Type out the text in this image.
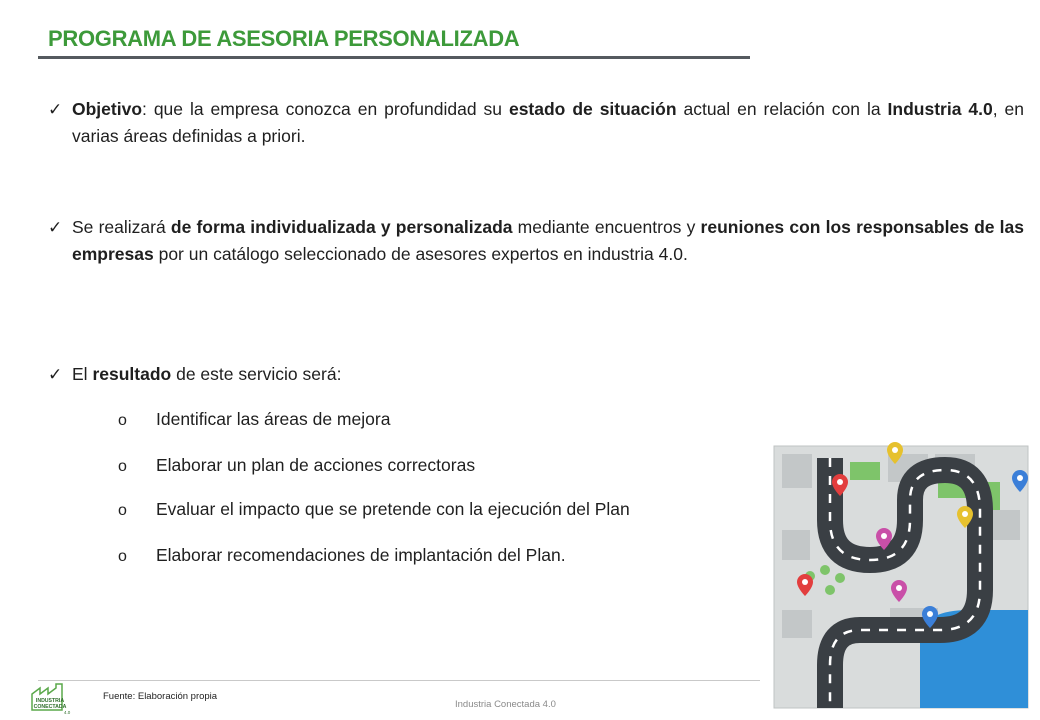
PROGRAMA DE ASESORIA PERSONALIZADA
✓ Objetivo: que la empresa conozca en profundidad su estado de situación actual en relación con la Industria 4.0, en varias áreas definidas a priori.
✓ Se realizará de forma individualizada y personalizada mediante encuentros y reuniones con los responsables de las empresas por un catálogo seleccionado de asesores expertos en industria 4.0.
✓ El resultado de este servicio será:
o Identificar las áreas de mejora
o Elaborar un plan de acciones correctoras
o Evaluar el impacto que se pretende con la ejecución del Plan
o Elaborar recomendaciones de implantación del Plan.
INDUSTRIA
CONECTADA
4.0
Fuente: Elaboración propia
Industria Conectada 4.0
